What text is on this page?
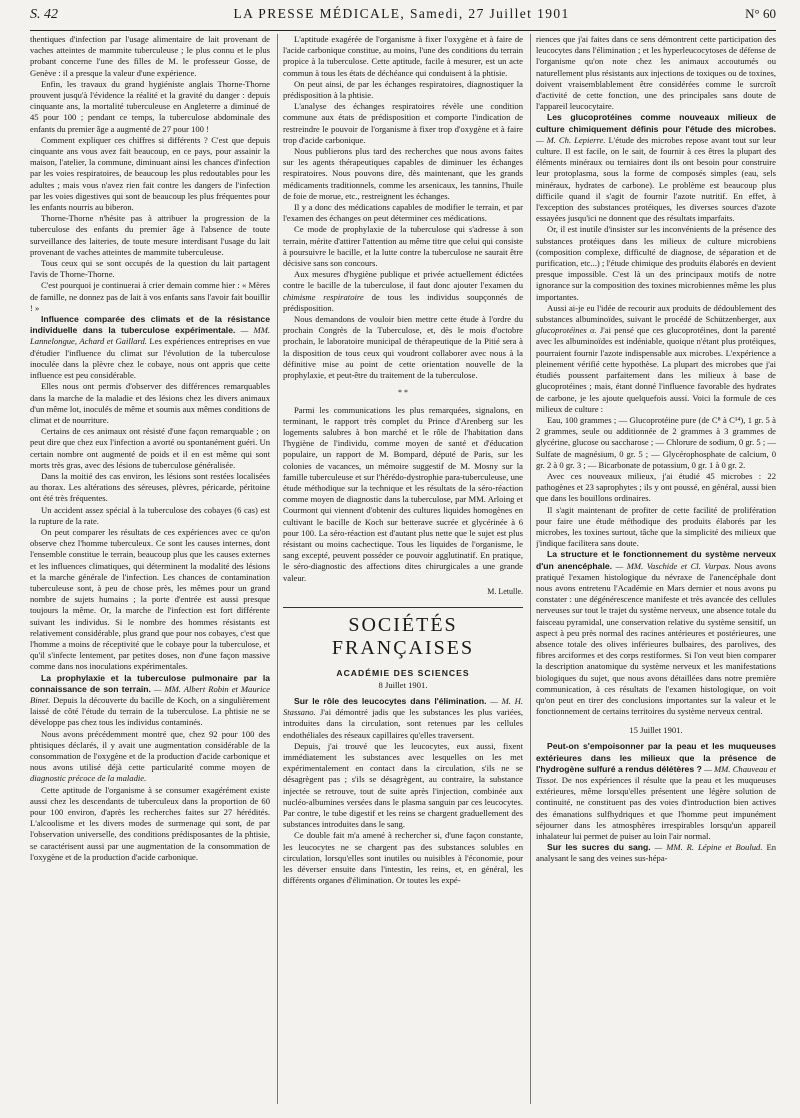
S. 42	LA PRESSE MÉDICALE, Samedi, 27 Juillet 1901	N° 60

thentiques d'infection par l'usage alimentaire de lait provenant de vaches atteintes de mammite tuberculeuse ; le plus connu et le plus probant concerne l'une des filles de M. le professeur Gosse, de Genève : il a presque la valeur d'une expérience.

Enfin, les travaux du grand hygiéniste anglais Thorne-Thorne prouvent jusqu'à l'évidence la réalité et la gravité du danger : depuis cinquante ans, la mortalité tuberculeuse en Angleterre a diminué de 45 pour 100 ; pendant ce temps, la tuberculose abdominale des enfants du premier âge a augmenté de 27 pour 100 !

Comment expliquer ces chiffres si différents ? C'est que depuis cinquante ans vous avez fait beaucoup, en ce pays, pour assainir la maison, l'atelier, la commune, diminuant ainsi les chances d'infection par les voies respiratoires, de beaucoup les plus redoutables pour les adultes ; mais vous n'avez rien fait contre les dangers de l'infection par les voies digestives qui sont de beaucoup les plus fréquentes pour les enfants nourris au biberon.

Thorne-Thorne n'hésite pas à attribuer la progression de la tuberculose des enfants du premier âge à l'absence de toute surveillance des laiteries, de toute mesure interdisant l'usage du lait provenant de vaches atteintes de mammite tuberculeuse.

Tous ceux qui se sont occupés de la question du lait partagent l'avis de Thorne-Thorne.

C'est pourquoi je continuerai à crier demain comme hier : « Mères de famille, ne donnez pas de lait à vos enfants sans l'avoir fait bouillir ! »

Influence comparée des climats et de la résistance individuelle dans la tuberculose expérimentale. — MM. Lannelongue, Achard et Gaillard. Les expériences entreprises en vue d'étudier l'influence du climat sur l'évolution de la tuberculose inoculée dans la plèvre chez le cobaye, nous ont appris que cette influence est peu considérable.

Elles nous ont permis d'observer des différences remarquables dans la marche de la maladie et des lésions chez les divers animaux d'un même lot, inoculés de même et soumis aux mêmes conditions de climat et de nourriture.

Certains de ces animaux ont résisté d'une façon remarquable ; on peut dire que chez eux l'infection a avorté ou spontanément guéri. Un certain nombre ont augmenté de poids et il en est même qui sont morts très gras, avec des lésions de tuberculose généralisée.

Dans la moitié des cas environ, les lésions sont restées localisées au thorax. Les altérations des séreuses, plèvres, péricarde, péritoine ont été très fréquentes.

Un accident assez spécial à la tuberculose des cobayes (6 cas) est la rupture de la rate.

On peut comparer les résultats de ces expériences avec ce qu'on observe chez l'homme tuberculeux. Ce sont les causes internes, dont l'ensemble constitue le terrain, beaucoup plus que les causes externes et les influences climatiques, qui déterminent la modalité des lésions et la marche générale de l'infection. Les chances de contamination tuberculeuse sont, à peu de chose près, les mêmes pour un grand nombre de sujets humains ; la porte d'entrée est aussi presque toujours la même. Or, la marche de l'infection est fort différente suivant les individus. Si le nombre des hommes résistants est relativement considérable, plus grand que pour nos cobayes, c'est que l'homme a moins de réceptivité que le cobaye pour la tuberculose, et qu'il s'infecte lentement, par petites doses, non d'une façon massive comme dans nos inoculations expérimentales.

La prophylaxie et la tuberculose pulmonaire par la connaissance de son terrain. — MM. Albert Robin et Maurice Binet. Depuis la découverte du bacille de Koch, on a singulièrement laissé de côté l'étude du terrain de la tuberculose. La phtisie ne se développe pas chez tous les individus contaminés.

Nous avons précédemment montré que, chez 92 pour 100 des phtisiques déclarés, il y avait une augmentation considérable de la consommation de l'oxygène et de la production d'acide carbonique et nous avons utilisé déjà cette particularité comme moyen de diagnostic précoce de la maladie.

Cette aptitude de l'organisme à se consumer exagérément existe aussi chez les descendants de tuberculeux dans la proportion de 60 pour 100 environ, d'après les recherches faites sur 27 hérédités. L'alcoolisme et les divers modes de surmenage qui sont, de par l'observation universelle, des conditions prédisposantes de la phtisie, se caractérisent aussi par une augmentation de la consommation de l'oxygène et de la production d'acide carbonique.

L'aptitude exagérée de l'organisme à fixer l'oxygène et à faire de l'acide carbonique constitue, au moins, l'une des conditions du terrain propice à la tuberculose. Cette aptitude, facile à mesurer, est un acte commun à tous les états de déchéance qui conduisent à la phtisie.

On peut ainsi, de par les échanges respiratoires, diagnostiquer la prédisposition à la phtisie.

L'analyse des échanges respiratoires révèle une condition commune aux états de prédisposition et comporte l'indication de restreindre le pouvoir de l'organisme à fixer trop d'oxygène et à faire trop d'acide carbonique.

Nous publierons plus tard des recherches que nous avons faites sur les agents thérapeutiques capables de diminuer les échanges respiratoires. Nous pouvons dire, dès maintenant, que les grands médicaments traditionnels, comme les arsenicaux, les tannins, l'huile de foie de morue, etc., restreignent les échanges.

Il y a donc des médications capables de modifier le terrain, et par l'examen des échanges on peut déterminer ces médications.

Ce mode de prophylaxie de la tuberculose qui s'adresse à son terrain, mérite d'attirer l'attention au même titre que celui qui consiste à poursuivre le bacille, et la lutte contre la tuberculose ne saurait être décisive sans son concours.

Aux mesures d'hygiène publique et privée actuellement édictées contre le bacille de la tuberculose, il faut donc ajouter l'examen du chimisme respiratoire de tous les individus soupçonnés de prédisposition.

Nous demandons de vouloir bien mettre cette étude à l'ordre du prochain Congrès de la Tuberculose, et, dès le mois d'octobre prochain, le laboratoire municipal de thérapeutique de la Pitié sera à la disposition de tous ceux qui voudront collaborer avec nous à la définitive mise au point de cette orientation nouvelle de la prophylaxie, et peut-être du traitement de la tuberculose.

* *

Parmi les communications les plus remarquées, signalons, en terminant, le rapport très complet du Prince d'Arenberg sur les logements salubres à bon marché et le rôle de l'habitation dans l'hygiène de l'individu, comme moyen de santé et d'éducation populaire, un rapport de M. Bompard, député de Paris, sur les colonies de vacances, un mémoire suggestif de M. Mosny sur la famille tuberculeuse et sur l'hérédo-dystrophie para-tuberculeuse, une étude méthodique sur la technique et les résultats de la séro-réaction comme moyen de diagnostic dans la tuberculose, par MM. Arloing et Courmont qui viennent d'obtenir des cultures liquides homogènes en cultivant le bacille de Koch sur betterave sucrée et glycérinée à 6 pour 100. La séro-réaction est d'autant plus nette que le sujet est plus résistant ou moins cachectique. Tous les liquides de l'organisme, le sang excepté, peuvent posséder ce pouvoir agglutinatif. En pratique, le séro-diagnostic des affections dites chirurgicales a une grande valeur.

M. Letulle.

SOCIÉTÉS FRANÇAISES
ACADÉMIE DES SCIENCES
8 Juillet 1901.

Sur le rôle des leucocytes dans l'élimination. — M. H. Stassano. J'ai démontré jadis que les substances les plus variées, introduites dans la circulation, sont retenues par les cellules endothéliales des réseaux capillaires qu'elles traversent.

Depuis, j'ai trouvé que les leucocytes, eux aussi, fixent immédiatement les substances avec lesquelles on les met expérimentalement en contact dans la circulation, s'ils ne se désagrègent pas ; s'ils se désagrègent, au contraire, la substance injectée se retrouve, tout de suite après l'injection, combinée aux nucléo-albumines versées dans le plasma sanguin par ces leucocytes. Par contre, le tube digestif et les reins se chargent graduellement des substances introduites dans le sang.

Ce double fait m'a amené à rechercher si, d'une façon constante, les leucocytes ne se chargent pas des substances solubles en circulation, lorsqu'elles sont inutiles ou nuisibles à l'économie, pour les déverser ensuite dans l'intestin, les reins, et, en général, les différents organes d'élimination. Or toutes les expé-

riences que j'ai faites dans ce sens démontrent cette participation des leucocytes dans l'élimination ; et les hyperleucocytoses de défense de l'organisme qu'on note chez les animaux accoutumés ou naturellement plus résistants aux injections de toxiques ou de toxines, doivent vraisemblablement être considérées comme le surcroît d'activité de cette fonction, une des principales sans doute de l'appareil leucocytaire.

Les glucoprotéines comme nouveaux milieux de culture chimiquement définis pour l'étude des microbes. — M. Ch. Lepierre. L'étude des microbes repose avant tout sur leur culture. Il est facile, on le sait, de fournir à ces êtres la plupart des éléments minéraux ou terniaires dont ils ont besoin pour construire leur protoplasma, sous la forme de composés simples (eau, sels minéraux, hydrates de carbone). Le problème est beaucoup plus difficile quand il s'agit de fournir l'azote nutritif. En effet, à l'exception des substances protéiques, les diverses sources d'azote essayées jusqu'ici ne donnent que des résultats imparfaits.

Or, il est inutile d'insister sur les inconvénients de la présence des substances protéiques dans les milieux de culture microbiens (composition complexe, difficulté de diagnose, de séparation et de purification, etc...) ; l'étude chimique des produits élaborés en devient presque impossible. C'est là un des principaux motifs de notre ignorance sur la composition des toxines microbiennes même les plus importantes.

Aussi ai-je eu l'idée de recourir aux produits de dédoublement des substances albuminoïdes, suivant le procédé de Schützenberger, aux glucoprotéines α. J'ai pensé que ces glucoprotéines, dont la parenté avec les albuminoïdes est indéniable, quoique n'étant plus protéiques, pourraient fournir l'azote indispensable aux microbes. L'expérience a pleinement vérifié cette hypothèse. La plupart des microbes que j'ai étudiés poussent parfaitement dans les milieux à base de glucoprotéines ; mais, étant donné l'influence favorable des hydrates de carbone, je les ajoute quelquefois aussi. Voici la formule de ces milieux de culture :

Eau, 100 grammes ; — Glucoprotéine pure (de C⁸ à C¹⁴), 1 gr. 5 à 2 grammes, seule ou additionnée de 2 grammes à 3 grammes de glycérine, glucose ou saccharose ; — Chlorure de sodium, 0 gr. 5 ; — Sulfate de magnésium, 0 gr. 5 ; — Glycérophosphate de calcium, 0 gr. 2 à 0 gr. 3 ; — Bicarbonate de potassium, 0 gr. 1 à 0 gr. 2.

Avec ces nouveaux milieux, j'ai étudié 45 microbes : 22 pathogènes et 23 saprophytes ; ils y ont poussé, en général, aussi bien que dans les bouillons ordinaires.

Il s'agit maintenant de profiter de cette facilité de prolifération pour faire une étude méthodique des produits élaborés par les microbes, les toxines surtout, tâche que la simplicité des milieux que j'indique facilitera sans doute.

La structure et le fonctionnement du système nerveux d'un anencéphale. — MM. Vaschide et Cl. Vurpas. Nous avons pratiqué l'examen histologique du névraxe de l'anencéphale dont nous avons entretenu l'Académie en Mars dernier et nous avons pu constater : une dégénérescence manifeste et très avancée des cellules nerveuses sur tout le trajet du système nerveux, une absence totale du faisceau pyramidal, une conservation relative du système sensitif, un aspect à peu près normal des racines antérieures et postérieures, une absence totale des olives inférieures bulbaires, des parolives, des fibres arciformes et des corps restiformes. Si l'on veut bien comparer la description anatomique du système nerveux et les manifestations biologiques du sujet, que nous avons détaillées dans notre première communication, à ces résultats de l'examen histologique, on voit qu'on peut en tirer des conclusions importantes sur la valeur et le fonctionnement de certains territoires du système nerveux central.

15 Juillet 1901.

Peut-on s'empoisonner par la peau et les muqueuses extérieures dans les milieux que la présence de l'hydrogène sulfuré a rendus délétères ? — MM. Chauveau et Tissot. De nos expériences il résulte que la peau et les muqueuses extérieures, même lorsqu'elles présentent une légère solution de continuité, ne constituent pas des voies d'introduction bien actives des émanations sulfhydriques et que l'homme peut impunément séjourner dans les atmosphères irrespirables lorsqu'un appareil inhalateur lui permet de puiser au loin l'air normal.

Sur les sucres du sang. — MM. R. Lépine et Boulud. En analysant le sang des veines sus-hépa-
